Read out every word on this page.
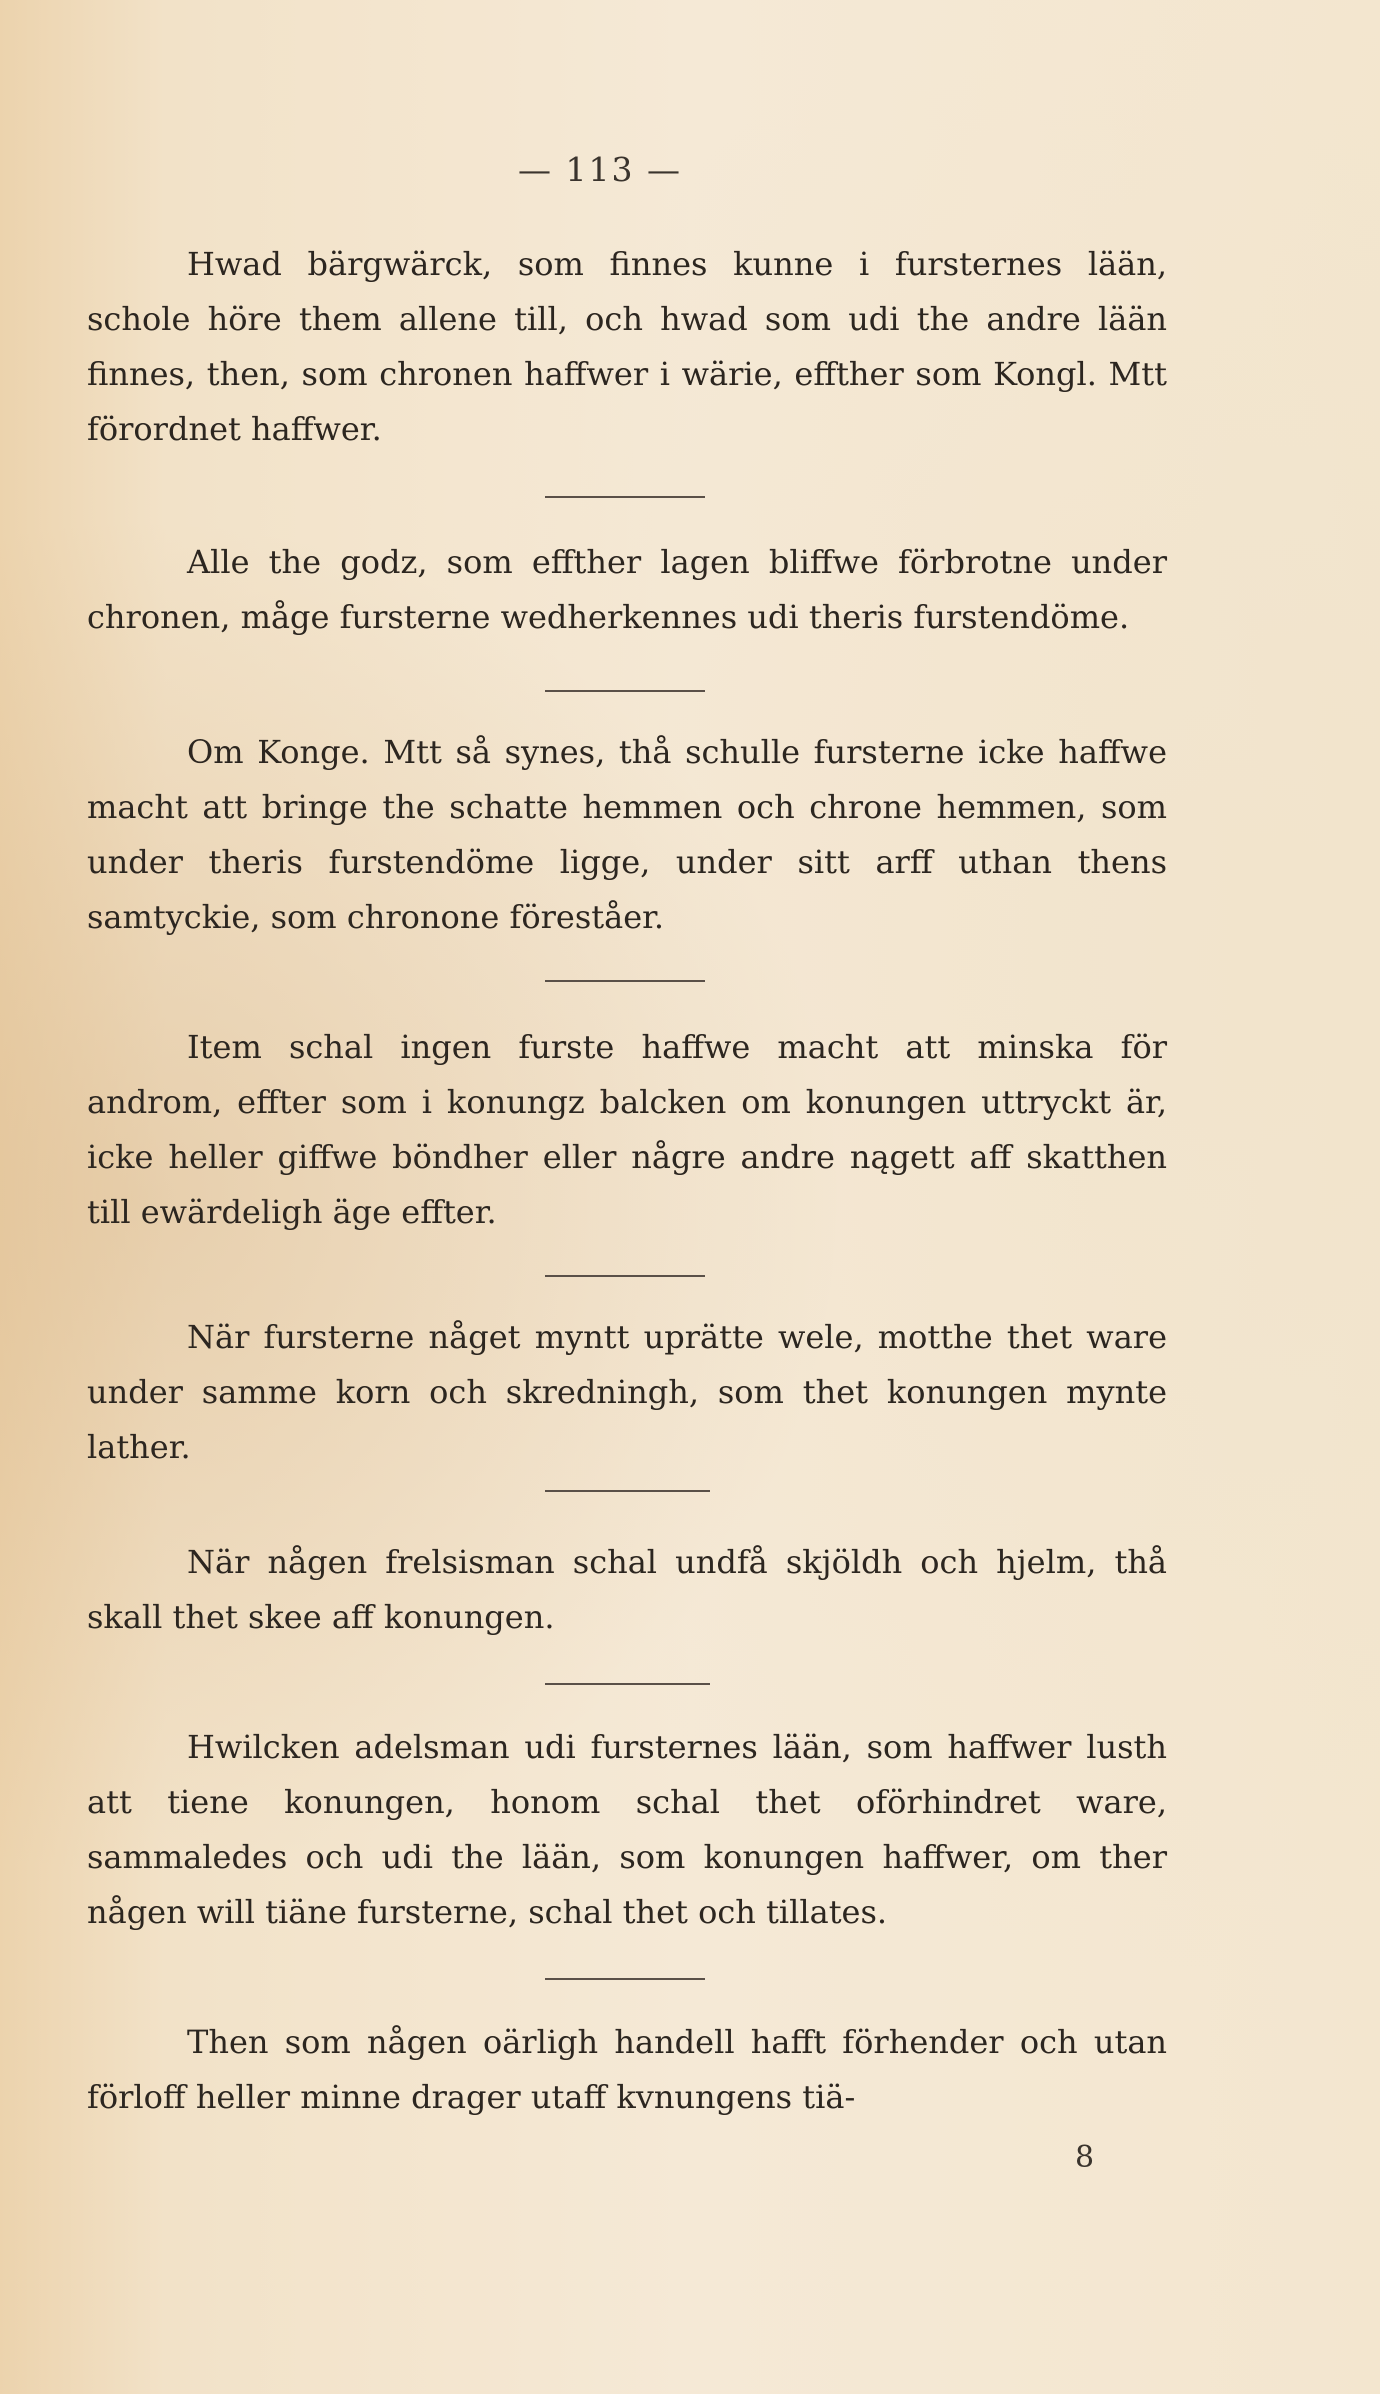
— 113 —

Hwad bärgwärck, som finnes kunne i fursternes lään, schole höre them allene till, och hwad som udi the andre lään finnes, then, som chronen haffwer i wärie, effther som Kongl. Mtt förordnet haffwer.

Alle the godz, som effther lagen bliffwe förbrotne under chronen, måge fursterne wedherkennes udi theris furstendöme.

Om Konge. Mtt så synes, thå schulle fursterne icke haffwe macht att bringe the schatte hemmen och chrone hemmen, som under theris furstendöme ligge, under sitt arff uthan thens samtyckie, som chronone föreståer.

Item schal ingen furste haffwe macht att minska för androm, effter som i konungz balcken om konungen uttryckt är, icke heller giffwe böndher eller någre andre nągett aff skatthen till ewärdeligh äge effter.

När fursterne någet myntt uprätte wele, motthe thet ware under samme korn och skredningh, som thet konungen mynte lather.

När någen frelsisman schal undfå skjöldh och hjelm, thå skall thet skee aff konungen.

Hwilcken adelsman udi fursternes lään, som haffwer lusth att tiene konungen, honom schal thet oförhindret ware, sammaledes och udi the lään, som konungen haffwer, om ther någen will tiäne fursterne, schal thet och tillates.

Then som någen oärligh handell hafft förhender och utan förloff heller minne drager utaff kvnungens tiä-

8
